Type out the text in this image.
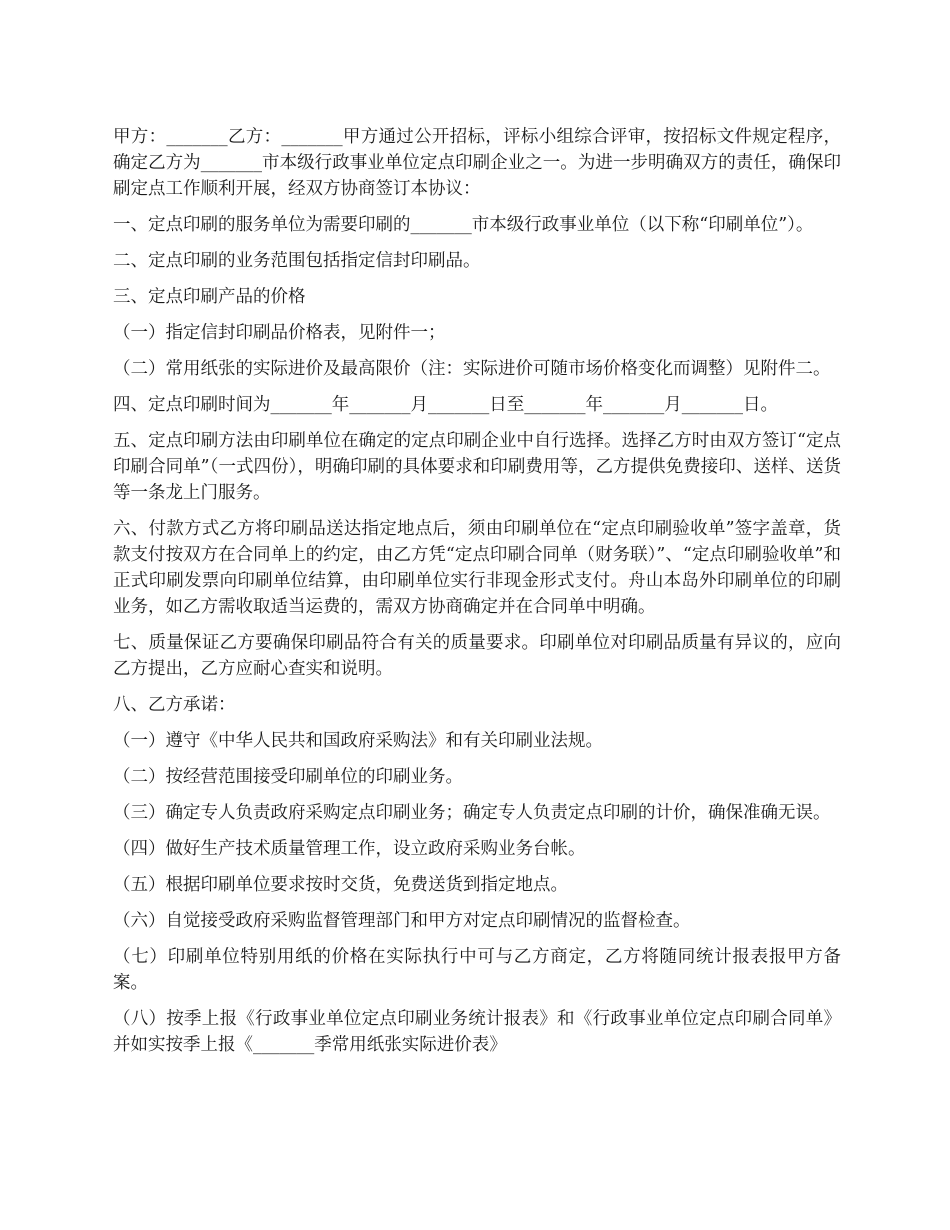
甲方：_______乙方：_______甲方通过公开招标，评标小组综合评审，按招标文件规定程序，确定乙方为_______市本级行政事业单位定点印刷企业之一。为进一步明确双方的责任，确保印刷定点工作顺利开展，经双方协商签订本协议：

一、定点印刷的服务单位为需要印刷的_______市本级行政事业单位（以下称“印刷单位”）。

二、定点印刷的业务范围包括指定信封印刷品。

三、定点印刷产品的价格

（一）指定信封印刷品价格表，见附件一；

（二）常用纸张的实际进价及最高限价（注：实际进价可随市场价格变化而调整）见附件二。

四、定点印刷时间为_______年_______月_______日至_______年_______月_______日。

五、定点印刷方法由印刷单位在确定的定点印刷企业中自行选择。选择乙方时由双方签订“定点印刷合同单”（一式四份），明确印刷的具体要求和印刷费用等，乙方提供免费接印、送样、送货等一条龙上门服务。

六、付款方式乙方将印刷品送达指定地点后，须由印刷单位在“定点印刷验收单”签字盖章，货款支付按双方在合同单上的约定，由乙方凭“定点印刷合同单（财务联）”、“定点印刷验收单”和正式印刷发票向印刷单位结算，由印刷单位实行非现金形式支付。舟山本岛外印刷单位的印刷业务，如乙方需收取适当运费的，需双方协商确定并在合同单中明确。

七、质量保证乙方要确保印刷品符合有关的质量要求。印刷单位对印刷品质量有异议的，应向乙方提出，乙方应耐心查实和说明。

八、乙方承诺：

（一）遵守《中华人民共和国政府采购法》和有关印刷业法规。

（二）按经营范围接受印刷单位的印刷业务。

（三）确定专人负责政府采购定点印刷业务；确定专人负责定点印刷的计价，确保准确无误。

（四）做好生产技术质量管理工作，设立政府采购业务台帐。

（五）根据印刷单位要求按时交货，免费送货到指定地点。

（六）自觉接受政府采购监督管理部门和甲方对定点印刷情况的监督检查。

（七）印刷单位特别用纸的价格在实际执行中可与乙方商定，乙方将随同统计报表报甲方备案。

（八）按季上报《行政事业单位定点印刷业务统计报表》和《行政事业单位定点印刷合同单》并如实按季上报《_______季常用纸张实际进价表》
